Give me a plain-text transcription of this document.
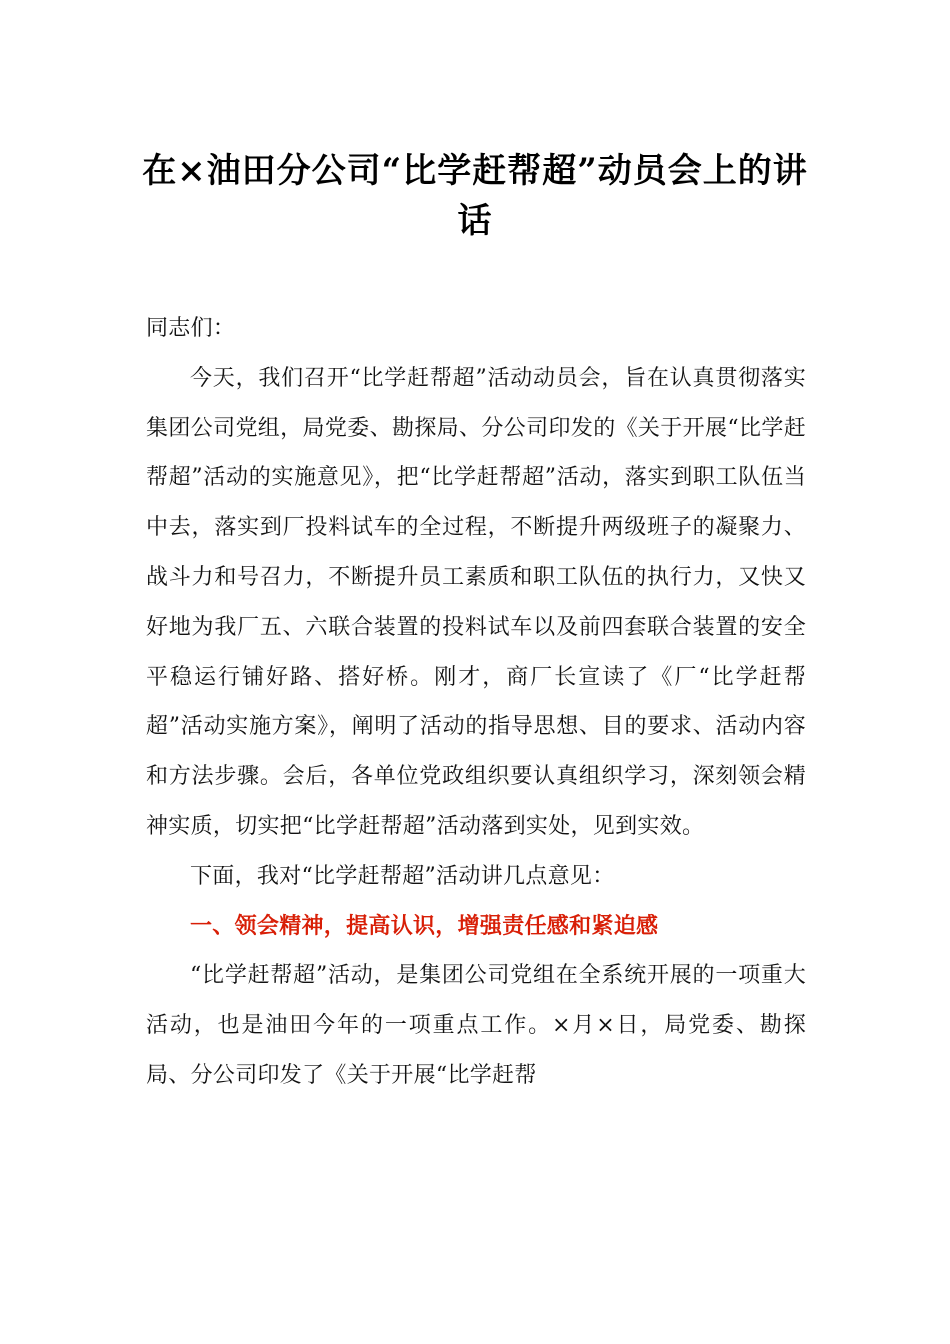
在×油田分公司“比学赶帮超”动员会上的讲话

同志们：

今天，我们召开“比学赶帮超”活动动员会，旨在认真贯彻落实集团公司党组，局党委、勘探局、分公司印发的《关于开展“比学赶帮超”活动的实施意见》，把“比学赶帮超”活动，落实到职工队伍当中去，落实到厂投料试车的全过程，不断提升两级班子的凝聚力、战斗力和号召力，不断提升员工素质和职工队伍的执行力，又快又好地为我厂五、六联合装置的投料试车以及前四套联合装置的安全平稳运行铺好路、搭好桥。刚才，商厂长宣读了《厂“比学赶帮超”活动实施方案》，阐明了活动的指导思想、目的要求、活动内容和方法步骤。会后，各单位党政组织要认真组织学习，深刻领会精神实质，切实把“比学赶帮超”活动落到实处，见到实效。

下面，我对“比学赶帮超”活动讲几点意见：

一、领会精神，提高认识，增强责任感和紧迫感

“比学赶帮超”活动，是集团公司党组在全系统开展的一项重大活动，也是油田今年的一项重点工作。×月×日，局党委、勘探局、分公司印发了《关于开展“比学赶帮
